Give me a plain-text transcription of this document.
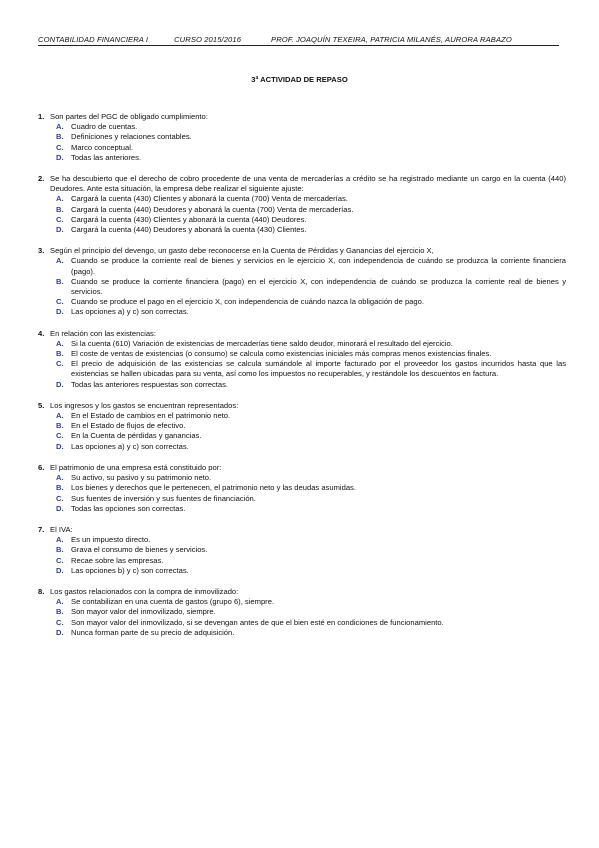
CONTABILIDAD FINANCIERA I	CURSO 2015/2016	PROF. JOAQUÍN TEXEIRA, PATRICIA MILANÉS, AURORA RABAZO
3ª ACTIVIDAD DE REPASO
1. Son partes del PGC de obligado cumplimiento:
A. Cuadro de cuentas.
B. Definiciones y relaciones contables.
C. Marco conceptual.
D. Todas las anteriores.
2. Se ha descubierto que el derecho de cobro procedente de una venta de mercaderías a crédito se ha registrado mediante un cargo en la cuenta (440) Deudores. Ante esta situación, la empresa debe realizar el siguiente ajuste:
A. Cargará la cuenta (430) Clientes y abonará la cuenta (700) Venta de mercaderías.
B. Cargará la cuenta (440) Deudores y abonará la cuenta (700) Venta de mercaderías.
C. Cargará la cuenta (430) Clientes y abonará la cuenta (440) Deudores.
D. Cargará la cuenta (440) Deudores y abonará la cuenta (430) Clientes.
3. Según el principio del devengo, un gasto debe reconocerse en la Cuenta de Pérdidas y Ganancias del ejercicio X,
A. Cuando se produce la corriente real de bienes y servicios en le ejercicio X, con independencia de cuándo se produzca la corriente financiera (pago).
B. Cuando se produce la corriente financiera (pago) en el ejercicio X, con independencia de cuándo se produzca la corriente real de bienes y servicios.
C. Cuando se produce el pago en el ejercicio X, con independencia de cuándo nazca la obligación de pago.
D. Las opciones a) y c) son correctas.
4. En relación con las existencias:
A. Si la cuenta (610) Variación de existencias de mercaderías tiene saldo deudor, minorará el resultado del ejercicio.
B. El coste de ventas de existencias (o consumo) se calcula como existencias iniciales más compras menos existencias finales.
C. El precio de adquisición de las existencias se calcula sumándole al importe facturado por el proveedor los gastos incurridos hasta que las existencias se hallen ubicadas para su venta, así como los impuestos no recuperables, y restándole los descuentos en factura.
D. Todas las anteriores respuestas son correctas.
5. Los ingresos y los gastos se encuentran representados:
A. En el Estado de cambios en el patrimonio neto.
B. En el Estado de flujos de efectivo.
C. En la Cuenta de pérdidas y ganancias.
D. Las opciones a) y c) son correctas.
6. El patrimonio de una empresa está constituido por:
A. Su activo, su pasivo y su patrimonio neto.
B. Los bienes y derechos que le pertenecen, el patrimonio neto y las deudas asumidas.
C. Sus fuentes de inversión y sus fuentes de financiación.
D. Todas las opciones son correctas.
7. El IVA:
A. Es un impuesto directo.
B. Grava el consumo de bienes y servicios.
C. Recae sobre las empresas.
D. Las opciones b) y c) son correctas.
8. Los gastos relacionados con la compra de inmovilizado:
A. Se contabilizan en una cuenta de gastos (grupo 6), siempre.
B. Son mayor valor del inmovilizado, siempre.
C. Son mayor valor del inmovilizado, si se devengan antes de que el bien esté en condiciones de funcionamiento.
D. Nunca forman parte de su precio de adquisición.
